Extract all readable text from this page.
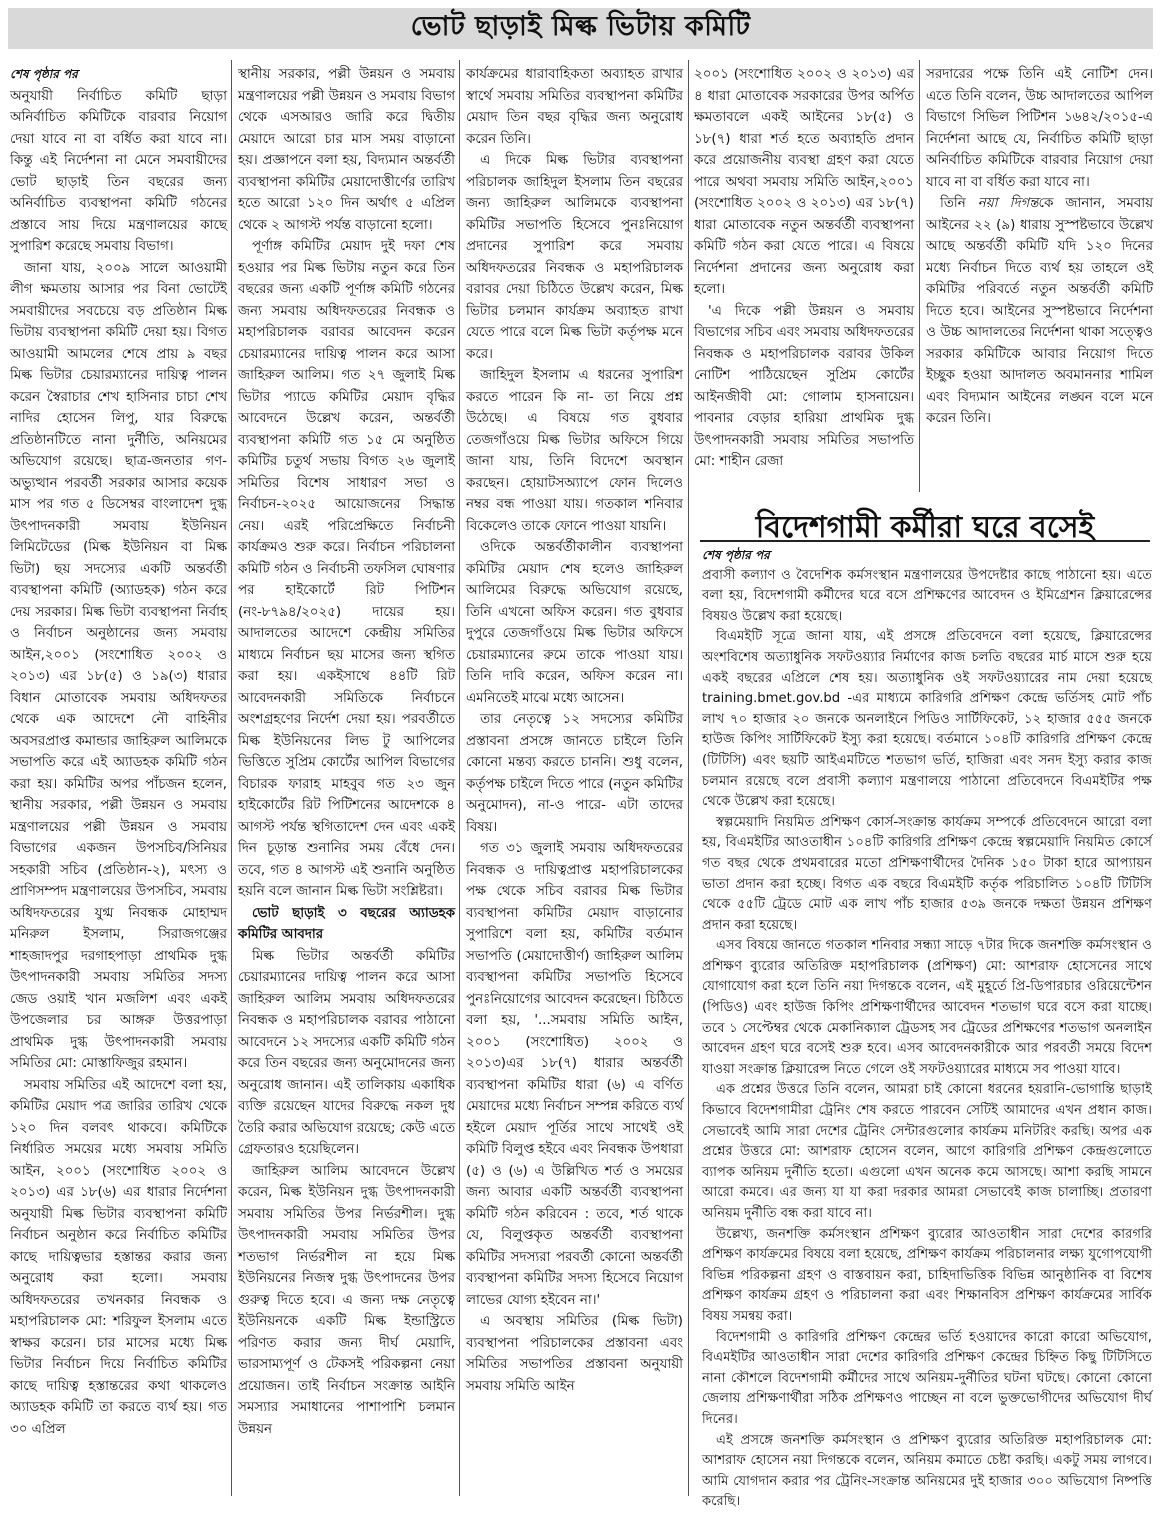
ভোট ছাড়াই মিল্ক ভিটায় কমিটি

শেষ পৃষ্ঠার পর

অনুযায়ী নির্বাচিত কমিটি ছাড়া অনির্বাচিত কমিটিকে বারবার নিয়োগ দেয়া যাবে না বা বর্ধিত করা যাবে না। কিন্তু এই নির্দেশনা না মেনে সমবায়ীদের ভোট ছাড়াই তিন বছরের জন্য অনির্বাচিত ব্যবস্থাপনা কমিটি গঠনের প্রস্তাবে সায় দিয়ে মন্ত্রণালয়ের কাছে সুপারিশ করেছে সমবায় বিভাগ।

জানা যায়, ২০০৯ সালে আওয়ামী লীগ ক্ষমতায় আসার পর বিনা ভোটেই সমবায়ীদের সবচেয়ে বড় প্রতিষ্ঠান মিল্ক ভিটায় ব্যবস্থাপনা কমিটি দেয়া হয়। বিগত আওয়ামী আমলের শেষে প্রায় ৯ বছর মিল্ক ভিটার চেয়ারম্যানের দায়িত্ব পালন করেন স্বৈরাচার শেখ হাসিনার চাচা শেখ নাদির হোসেন লিপু, যার বিরুদ্ধে প্রতিষ্ঠানটিতে নানা দুর্নীতি, অনিয়মের অভিযোগ রয়েছে। ছাত্র-জনতার গণ-অভ্যুত্থান পরবর্তী সরকার আসার কয়েক মাস পর গত ৫ ডিসেম্বর বাংলাদেশ দুগ্ধ উৎপাদনকারী সমবায় ইউনিয়ন লিমিটেডের (মিল্ক ইউনিয়ন বা মিল্ক ভিটা) ছয় সদস্যের একটি অন্তর্বর্তী ব্যবস্থাপনা কমিটি (অ্যাডহক) গঠন করে দেয় সরকার। মিল্ক ভিটা ব্যবস্থাপনা নির্বাহ ও নির্বাচন অনুষ্ঠানের জন্য সমবায় আইন,২০০১ (সংশোধিত ২০০২ ও ২০১৩) এর ১৮(৫) ও ১৯(৩) ধারার বিধান মোতাবেক সমবায় অধিদফতর থেকে এক আদেশে নৌ বাহিনীর অবসরপ্রাপ্ত কমান্ডার জাহিরুল আলিমকে সভাপতি করে এই অ্যাডহক কমিটি গঠন করা হয়। কমিটির অপর পাঁচজন হলেন, স্থানীয় সরকার, পল্লী উন্নয়ন ও সমবায় মন্ত্রণালয়ের পল্লী উন্নয়ন ও সমবায় বিভাগের একজন উপসচিব/সিনিয়র সহকারী সচিব (প্রতিষ্ঠান-২), মৎস্য ও প্রাণিসম্পদ মন্ত্রণালয়ের উপসচিব, সমবায় অধিদফতরের যুগ্ম নিবন্ধক মোহাম্মদ মনিরুল ইসলাম, সিরাজগঞ্জের শাহজাদপুর দরগাহপাড়া প্রাথমিক দুগ্ধ উৎপাদনকারী সমবায় সমিতির সদস্য জেড ওয়াই খান মজলিশ এবং একই উপজেলার চর আঙ্গরু উত্তরপাড়া প্রাথমিক দুগ্ধ উৎপাদনকারী সমবায় সমিতির মো: মোস্তাফিজুর রহমান।

সমবায় সমিতির এই আদেশে বলা হয়, কমিটির মেয়াদ পত্র জারির তারিখ থেকে ১২০ দিন বলবৎ থাকবে। কমিটিকে নির্ধারিত সময়ের মধ্যে সমবায় সমিতি আইন, ২০০১ (সংশোধিত ২০০২ ও ২০১৩) এর ১৮(৬) এর ধারার নির্দেশনা অনুযায়ী মিল্ক ভিটার ব্যবস্থাপনা কমিটি নির্বাচন অনুষ্ঠান করে নির্বাচিত কমিটির কাছে দায়িত্বভার হস্তান্তর করার জন্য অনুরোধ করা হলো। সমবায় অধিদফতরের তখনকার নিবন্ধক ও মহাপরিচালক মো: শরিফুল ইসলাম এতে স্বাক্ষর করেন। চার মাসের মধ্যে মিল্ক ভিটার নির্বাচন দিয়ে নির্বাচিত কমিটির কাছে দায়িত্ব হস্তান্তরের কথা থাকলেও অ্যাডহক কমিটি তা করতে ব্যর্থ হয়। গত ৩০ এপ্রিল

স্থানীয় সরকার, পল্লী উন্নয়ন ও সমবায় মন্ত্রণালয়ের পল্লী উন্নয়ন ও সমবায় বিভাগ থেকে এসআরও জারি করে দ্বিতীয় মেয়াদে আরো চার মাস সময় বাড়ানো হয়। প্রজ্ঞাপনে বলা হয়, বিদ্যমান অন্তর্বর্তী ব্যবস্থাপনা কমিটির মেয়াদোত্তীর্ণের তারিখ হতে আরো ১২০ দিন অর্থাৎ ৫ এপ্রিল থেকে ২ আগস্ট পর্যন্ত বাড়ানো হলো।

পূর্ণাঙ্গ কমিটির মেয়াদ দুই দফা শেষ হওয়ার পর মিল্ক ভিটায় নতুন করে তিন বছরের জন্য একটি পূর্ণাঙ্গ কমিটি গঠনের জন্য সমবায় অধিদফতরের নিবন্ধক ও মহাপরিচালক বরাবর আবেদন করেন চেয়ারম্যানের দায়িত্ব পালন করে আসা জাহিরুল আলিম। গত ২৭ জুলাই মিল্ক ভিটার প্যাডে কমিটির মেয়াদ বৃদ্ধির আবেদনে উল্লেখ করেন, অন্তর্বর্তী ব্যবস্থাপনা কমিটি গত ১৫ মে অনুষ্ঠিত কমিটির চতুর্থ সভায় বিগত ২৬ জুলাই সমিতির বিশেষ সাধারণ সভা ও নির্বাচন-২০২৫ আয়োজনের সিদ্ধান্ত নেয়। এরই পরিপ্রেক্ষিতে নির্বাচনী কার্যক্রমও শুরু করে। নির্বাচন পরিচালনা কমিটি গঠন ও নির্বাচনী তফসিল ঘোষণার পর হাইকোর্টে রিট পিটিশন (নং-৮৭৯৪/২০২৫) দায়ের হয়। আদালতের আদেশে কেন্দ্রীয় সমিতির মাধ্যমে নির্বাচন ছয় মাসের জন্য স্থগিত করা হয়। একইসাথে ৪৪টি রিট আবেদনকারী সমিতিকে নির্বাচনে অংশগ্রহণের নির্দেশ দেয়া হয়। পরবর্তীতে মিল্ক ইউনিয়নের লিভ টু আপিলের ভিত্তিতে সুপ্রিম কোর্টের আপিল বিভাগের বিচারক ফারাহ মাহবুব গত ২৩ জুন হাইকোর্টের রিট পিটিশনের আদেশকে ৪ আগস্ট পর্যন্ত স্থগিতাদেশ দেন এবং একই দিন চূড়ান্ত শুনানির সময় বেঁধে দেন। তবে, গত ৪ আগস্ট এই শুনানি অনুষ্ঠিত হয়নি বলে জানান মিল্ক ভিটা সংশ্লিষ্টরা।

ভোট ছাড়াই ৩ বছরের অ্যাডহক কমিটির আবদার

মিল্ক ভিটার অন্তর্বর্তী কমিটির চেয়ারম্যানের দায়িত্ব পালন করে আসা জাহিরুল আলিম সমবায় অধিদফতরের নিবন্ধক ও মহাপরিচালক বরাবর পাঠানো আবেদনে ১২ সদস্যের একটি কমিটি গঠন করে তিন বছরের জন্য অনুমোদনের জন্য অনুরোধ জানান। এই তালিকায় একাধিক ব্যক্তি রয়েছেন যাদের বিরুদ্ধে নকল দুধ তৈরি করার অভিযোগ রয়েছে; কেউ এতে গ্রেফতারও হয়েছিলেন।

জাহিরুল আলিম আবেদনে উল্লেখ করেন, মিল্ক ইউনিয়ন দুগ্ধ উৎপাদনকারী সমবায় সমিতির উপর নির্ভরশীল। দুগ্ধ উৎপাদনকারী সমবায় সমিতির উপর শতভাগ নির্ভরশীল না হয়ে মিল্ক ইউনিয়নের নিজস্ব দুগ্ধ উৎপাদনের উপর গুরুত্ব দিতে হবে। এ জন্য দক্ষ নেতৃত্বে ইউনিয়নকে একটি মিল্ক ইন্ডাস্ট্রিতে পরিণত করার জন্য দীর্ঘ মেয়াদি, ভারসাম্যপূর্ণ ও টেকসই পরিকল্পনা নেয়া প্রয়োজন। তাই নির্বাচন সংক্রান্ত আইনি সমস্যার সমাধানের পাশাপাশি চলমান উন্নয়ন

কার্যক্রমের ধারাবাহিকতা অব্যাহত রাখার স্বার্থে সমবায় সমিতির ব্যবস্থাপনা কমিটির মেয়াদ তিন বছর বৃদ্ধির জন্য অনুরোধ করেন তিনি।

এ দিকে মিল্ক ভিটার ব্যবস্থাপনা পরিচালক জাহিদুল ইসলাম তিন বছরের জন্য জাহিরুল আলিমকে ব্যবস্থাপনা কমিটির সভাপতি হিসেবে পুনঃনিয়োগ প্রদানের সুপারিশ করে সমবায় অধিদফতরের নিবন্ধক ও মহাপরিচালক বরাবর দেয়া চিঠিতে উল্লেখ করেন, মিল্ক ভিটার চলমান কার্যক্রম অব্যাহত রাখা যেতে পারে বলে মিল্ক ভিটা কর্তৃপক্ষ মনে করে।

জাহিদুল ইসলাম এ ধরনের সুপারিশ করতে পারেন কি না- তা নিয়ে প্রশ্ন উঠেছে। এ বিষয়ে গত বুধবার তেজগাঁওয়ে মিল্ক ভিটার অফিসে গিয়ে জানা যায়, তিনি বিদেশে অবস্থান করছেন। হোয়াটসঅ্যাপে ফোন দিলেও নম্বর বন্ধ পাওয়া যায়। গতকাল শনিবার বিকেলেও তাকে ফোনে পাওয়া যায়নি।

ওদিকে অন্তর্বর্তীকালীন ব্যবস্থাপনা কমিটির মেয়াদ শেষ হলেও জাহিরুল আলিমের বিরুদ্ধে অভিযোগ রয়েছে, তিনি এখনো অফিস করেন। গত বুধবার দুপুরে তেজগাঁওয়ে মিল্ক ভিটার অফিসে চেয়ারম্যানের রুমে তাকে পাওয়া যায়। তিনি দাবি করেন, অফিস করেন না। এমনিতেই মাঝে মধ্যে আসেন।

তার নেতৃত্বে ১২ সদস্যের কমিটির প্রস্তাবনা প্রসঙ্গে জানতে চাইলে তিনি কোনো মন্তব্য করতে চাননি। শুধু বলেন, কর্তৃপক্ষ চাইলে দিতে পারে (নতুন কমিটির অনুমোদন), না-ও পারে- এটা তাদের বিষয়।

গত ৩১ জুলাই সমবায় অধিদফতরের নিবন্ধক ও দায়িত্বপ্রাপ্ত মহাপরিচালকের পক্ষ থেকে সচিব বরাবর মিল্ক ভিটার ব্যবস্থাপনা কমিটির মেয়াদ বাড়ানোর সুপারিশে বলা হয়, কমিটির বর্তমান সভাপতি (মেয়াদোত্তীর্ণ) জাহিরুল আলিম ব্যবস্থাপনা কমিটির সভাপতি হিসেবে পুনঃনিয়োগের আবেদন করেছেন। চিঠিতে বলা হয়, '...সমবায় সমিতি আইন, ২০০১ (সংশোধিত) ২০০২ ও ২০১৩)এর ১৮(৭) ধারার অন্তর্বর্তী ব্যবস্থাপনা কমিটির ধারা (৬) এ বর্ণিত মেয়াদের মধ্যে নির্বাচন সম্পন্ন করিতে ব্যর্থ হইলে মেয়াদ পূর্তির সাথে সাথেই ওই কমিটি বিলুপ্ত হইবে এবং নিবন্ধক উপধারা (৫) ও (৬) এ উল্লিখিত শর্ত ও সময়ের জন্য আবার একটি অন্তর্বর্তী ব্যবস্থাপনা কমিটি গঠন করিবেন : তবে, শর্ত থাকে যে, বিলুপ্তকৃত অন্তর্বর্তী ব্যবস্থাপনা কমিটির সদস্যরা পরবর্তী কোনো অন্তর্বর্তী ব্যবস্থাপনা কমিটির সদস্য হিসেবে নিয়োগ লাভের যোগ্য হইবেন না।'

এ অবস্থায় সমিতির (মিল্ক ভিটা) ব্যবস্থাপনা পরিচালকের প্রস্তাবনা এবং সমিতির সভাপতির প্রস্তাবনা অনুযায়ী সমবায় সমিতি আইন

২০০১ (সংশোধিত ২০০২ ও ২০১৩) এর ৪ ধারা মোতাবেক সরকারের উপর অর্পিত ক্ষমতাবলে একই আইনের ১৮(৫) ও ১৮(৭) ধারা শর্ত হতে অব্যাহতি প্রদান করে প্রয়োজনীয় ব্যবস্থা গ্রহণ করা যেতে পারে অথবা সমবায় সমিতি আইন,২০০১ (সংশোধিত ২০০২ ও ২০১৩) এর ১৮(৭) ধারা মোতাবেক নতুন অন্তর্বর্তী ব্যবস্থাপনা কমিটি গঠন করা যেতে পারে। এ বিষয়ে নির্দেশনা প্রদানের জন্য অনুরোধ করা হলো।

'এ দিকে পল্লী উন্নয়ন ও সমবায় বিভাগের সচিব এবং সমবায় অধিদফতরের নিবন্ধক ও মহাপরিচালক বরাবর উকিল নোটিশ পাঠিয়েছেন সুপ্রিম কোর্টের আইনজীবী মো: গোলাম হাসনায়েন। পাবনার বেড়ার হারিয়া প্রাথমিক দুগ্ধ উৎপাদনকারী সমবায় সমিতির সভাপতি মো: শাহীন রেজা

সরদারের পক্ষে তিনি এই নোটিশ দেন। এতে তিনি বলেন, উচ্চ আদালতের আপিল বিভাগে সিভিল পিটিশন ১৬৪২/২০১৫-এ নির্দেশনা আছে যে, নির্বাচিত কমিটি ছাড়া অনির্বাচিত কমিটিকে বারবার নিয়োগ দেয়া যাবে না বা বর্ধিত করা যাবে না।

তিনি নয়া দিগন্তকে জানান, সমবায় আইনের ২২ (৯) ধারায় সুস্পষ্টভাবে উল্লেখ আছে অন্তর্বর্তী কমিটি যদি ১২০ দিনের মধ্যে নির্বাচন দিতে ব্যর্থ হয় তাহলে ওই কমিটির পরিবর্তে নতুন অন্তর্বর্তী কমিটি দিতে হবে। আইনের সুস্পষ্টভাবে নির্দেশনা ও উচ্চ আদালতের নির্দেশনা থাকা সত্ত্বেও সরকার কমিটিকে আবার নিয়োগ দিতে ইচ্ছুক হওয়া আদালত অবমাননার শামিল এবং বিদ্যমান আইনের লঙ্ঘন বলে মনে করেন তিনি।

বিদেশগামী কর্মীরা ঘরে বসেই

শেষ পৃষ্ঠার পর

প্রবাসী কল্যাণ ও বৈদেশিক কর্মসংস্থান মন্ত্রণালয়ের উপদেষ্টার কাছে পাঠানো হয়। এতে বলা হয়, বিদেশগামী কর্মীদের ঘরে বসে প্রশিক্ষণের আবেদন ও ইমিগ্রেশন ক্লিয়ারেন্সের বিষয়ও উল্লেখ করা হয়েছে।

বিএমইটি সূত্রে জানা যায়, এই প্রসঙ্গে প্রতিবেদনে বলা হয়েছে, ক্লিয়ারেন্সের অংশবিশেষ অত্যাধুনিক সফটওয়্যার নির্মাণের কাজ চলতি বছরের মার্চ মাসে শুরু হয়ে একই বছরের এপ্রিলে শেষ হয়। অত্যাধুনিক ওই সফটওয়্যারের নাম দেয়া হয়েছে training.bmet.gov.bd -এর মাধ্যমে কারিগরি প্রশিক্ষণ কেন্দ্রে ভর্তিসহ মোট পাঁচ লাখ ৭০ হাজার ২০ জনকে অনলাইনে পিডিও সার্টিফিকেট, ১২ হাজার ৫৫৫ জনকে হাউজ কিপিং সার্টিফিকেট ইস্যু করা হয়েছে। বর্তমানে ১০৪টি কারিগরি প্রশিক্ষণ কেন্দ্রে (টিটিসি) এবং ছয়টি আইএমটিতে শতভাগ ভর্তি, হাজিরা এবং সনদ ইস্যু করার কাজ চলমান রয়েছে বলে প্রবাসী কল্যাণ মন্ত্রণালয়ে পাঠানো প্রতিবেদনে বিএমইটির পক্ষ থেকে উল্লেখ করা হয়েছে।

স্বল্পমেয়াদি নিয়মিত প্রশিক্ষণ কোর্স-সংক্রান্ত কার্যক্রম সম্পর্কে প্রতিবেদনে আরো বলা হয়, বিএমইটির আওতাধীন ১০৪টি কারিগরি প্রশিক্ষণ কেন্দ্রে স্বল্পমেয়াদি নিয়মিত কোর্সে গত বছর থেকে প্রথমবারের মতো প্রশিক্ষণার্থীদের দৈনিক ১৫০ টাকা হারে আপ্যায়ন ভাতা প্রদান করা হচ্ছে। বিগত এক বছরে বিএমইটি কর্তৃক পরিচালিত ১০৪টি টিটিসি থেকে ৫৫টি ট্রেডে মোট এক লাখ পাঁচ হাজার ৫৩৯ জনকে দক্ষতা উন্নয়ন প্রশিক্ষণ প্রদান করা হয়েছে।

এসব বিষয়ে জানতে গতকাল শনিবার সন্ধ্যা সাড়ে ৭টার দিকে জনশক্তি কর্মসংস্থান ও প্রশিক্ষণ ব্যুরোর অতিরিক্ত মহাপরিচালক (প্রশিক্ষণ) মো: আশরাফ হোসেনের সাথে যোগাযোগ করা হলে তিনি নয়া দিগন্তকে বলেন, এই মুহূর্তে প্রি-ডিপারচার ওরিয়েন্টেশন (পিডিও) এবং হাউজ কিপিং প্রশিক্ষণার্থীদের আবেদন শতভাগ ঘরে বসে করা যাচ্ছে। তবে ১ সেপ্টেম্বর থেকে মেকানিক্যাল ট্রেডসহ সব ট্রেডের প্রশিক্ষণের শতভাগ অনলাইন আবেদন গ্রহণ ঘরে বসেই শুরু হবে। এসব আবেদনকারীকে আর পরবর্তী সময়ে বিদেশ যাওয়া সংক্রান্ত ক্লিয়ারেন্স নিতে গেলে ওই সফটওয়্যারের মাধ্যমে সব পাওয়া যাবে।

এক প্রশ্নের উত্তরে তিনি বলেন, আমরা চাই কোনো ধরনের হয়রানি-ভোগান্তি ছাড়াই কিভাবে বিদেশগামীরা ট্রেনিং শেষ করতে পারবেন সেটিই আমাদের এখন প্রধান কাজ। সেভাবেই আমি সারা দেশের ট্রেনিং সেন্টারগুলোর কার্যক্রম মনিটরিং করছি। অপর এক প্রশ্নের উত্তরে মো: আশরাফ হোসেন বলেন, আগে কারিগরি প্রশিক্ষণ কেন্দ্রগুলোতে ব্যাপক অনিয়ম দুর্নীতি হতো। এগুলো এখন অনেক কমে আসছে। আশা করছি সামনে আরো কমবে। এর জন্য যা যা করা দরকার আমরা সেভাবেই কাজ চালাচ্ছি। প্রতারণা অনিয়ম দুর্নীতি বন্ধ করা যাবে না।

উল্লেখ্য, জনশক্তি কর্মসংস্থান প্রশিক্ষণ ব্যুরোর আওতাধীন সারা দেশের কারগরি প্রশিক্ষণ কার্যক্রমের বিষয়ে বলা হয়েছে, প্রশিক্ষণ কার্যক্রম পরিচালনার লক্ষ্য যুগোপযোগী বিভিন্ন পরিকল্পনা গ্রহণ ও বাস্তবায়ন করা, চাহিদাভিত্তিক বিভিন্ন আনুষ্ঠানিক বা বিশেষ প্রশিক্ষণ কার্যক্রম গ্রহণ ও পরিচালনা করা এবং শিক্ষানবিস প্রশিক্ষণ কার্যক্রমের সার্বিক বিষয় সমন্বয় করা।

বিদেশগামী ও কারিগরি প্রশিক্ষণ কেন্দ্রের ভর্তি হওয়াদের কারো কারো অভিযোগ, বিএমইটির আওতাধীন সারা দেশের কারিগরি প্রশিক্ষণ কেন্দ্রের চিহ্নিত কিছু টিটিসিতে নানা কৌশলে বিদেশগামী কর্মীদের সাথে অনিয়ম-দুর্নীতির ঘটনা ঘটছে। কোনো কোনো জেলায় প্রশিক্ষণার্থীরা সঠিক প্রশিক্ষণও পাচ্ছেন না বলে ভুক্তভোগীদের অভিযোগ দীর্ঘ দিনের।

এই প্রসঙ্গে জনশক্তি কর্মসংস্থান ও প্রশিক্ষণ ব্যুরোর অতিরিক্ত মহাপরিচালক মো: আশরাফ হোসেন নয়া দিগন্তকে বলেন, অনিয়ম কমাতে চেষ্টা করছি। একটু সময় লাগবে। আমি যোগদান করার পর ট্রেনিং-সংক্রান্ত অনিয়মের দুই হাজার ৩০০ অভিযোগ নিষ্পত্তি করেছি।
